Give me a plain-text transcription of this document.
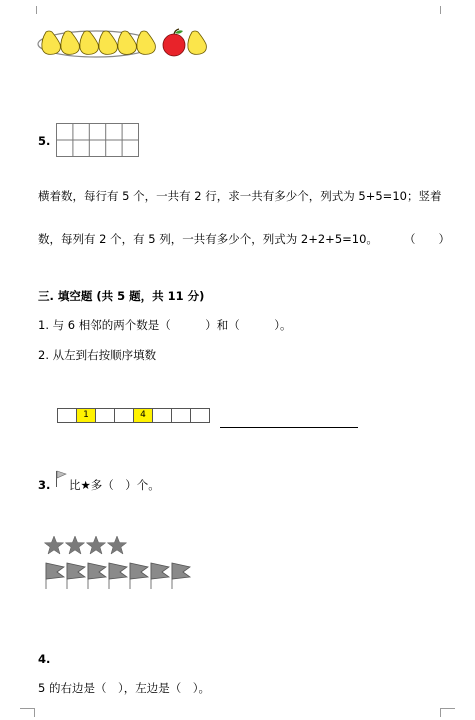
5.
横着数，每行有 5 个，一共有 2 行，求一共有多少个，列式为 5+5=10；竖着
数，每列有 2 个，有 5 列，一共有多少个，列式为 2+2+5=10。 （　　）
三. 填空题 (共 5 题，共 11 分)
1. 与 6 相邻的两个数是（　　　）和（　　　）。
2. 从左到右按顺序填数
1	4
3. 比★多（　）个。
4.
5 的右边是（　），左边是（　）。
